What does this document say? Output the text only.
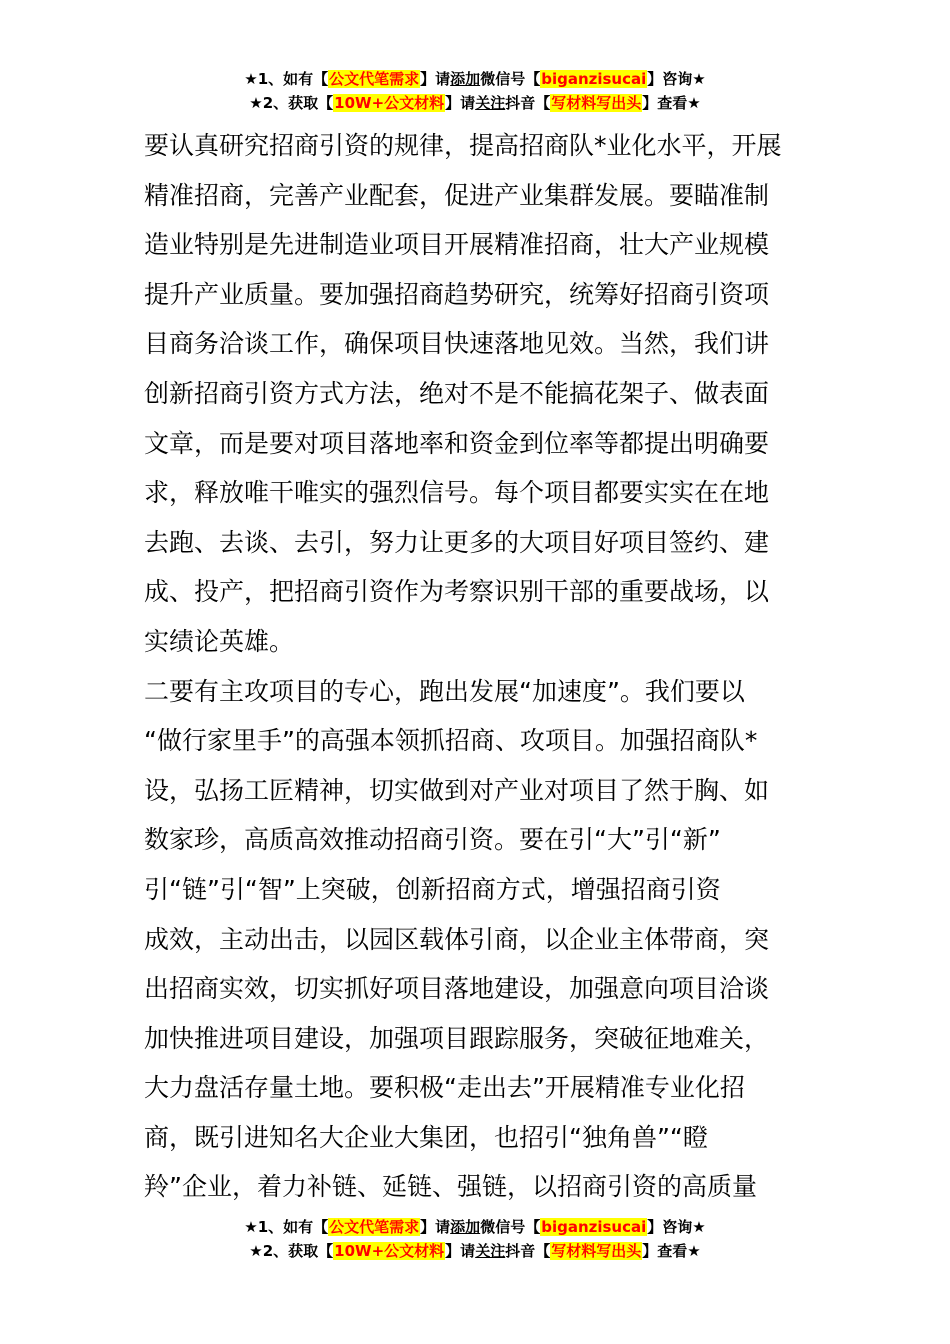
★1、如有【公文代笔需求】请添加微信号【biganzisucai】咨询★
★2、获取【10W+公文材料】请关注抖音【写材料写出头】查看★
要认真研究招商引资的规律，提高招商队*业化水平，开展
精准招商，完善产业配套，促进产业集群发展。要瞄准制
造业特别是先进制造业项目开展精准招商，壮大产业规模
提升产业质量。要加强招商趋势研究，统筹好招商引资项
目商务洽谈工作，确保项目快速落地见效。当然，我们讲
创新招商引资方式方法，绝对不是不能搞花架子、做表面
文章，而是要对项目落地率和资金到位率等都提出明确要
求，释放唯干唯实的强烈信号。每个项目都要实实在在地
去跑、去谈、去引，努力让更多的大项目好项目签约、建
成、投产，把招商引资作为考察识别干部的重要战场，以
实绩论英雄。
二要有主攻项目的专心，跑出发展“加速度”。我们要以
“做行家里手”的高强本领抓招商、攻项目。加强招商队*
设，弘扬工匠精神，切实做到对产业对项目了然于胸、如
数家珍，高质高效推动招商引资。要在引“大”引“新”
引“链”引“智”上突破，创新招商方式，增强招商引资
成效，主动出击，以园区载体引商，以企业主体带商，突
出招商实效，切实抓好项目落地建设，加强意向项目洽谈
加快推进项目建设，加强项目跟踪服务，突破征地难关，
大力盘活存量土地。要积极“走出去”开展精准专业化招
商，既引进知名大企业大集团，也招引“独角兽”“瞪
羚”企业，着力补链、延链、强链，以招商引资的高质量
★1、如有【公文代笔需求】请添加微信号【biganzisucai】咨询★
★2、获取【10W+公文材料】请关注抖音【写材料写出头】查看★
